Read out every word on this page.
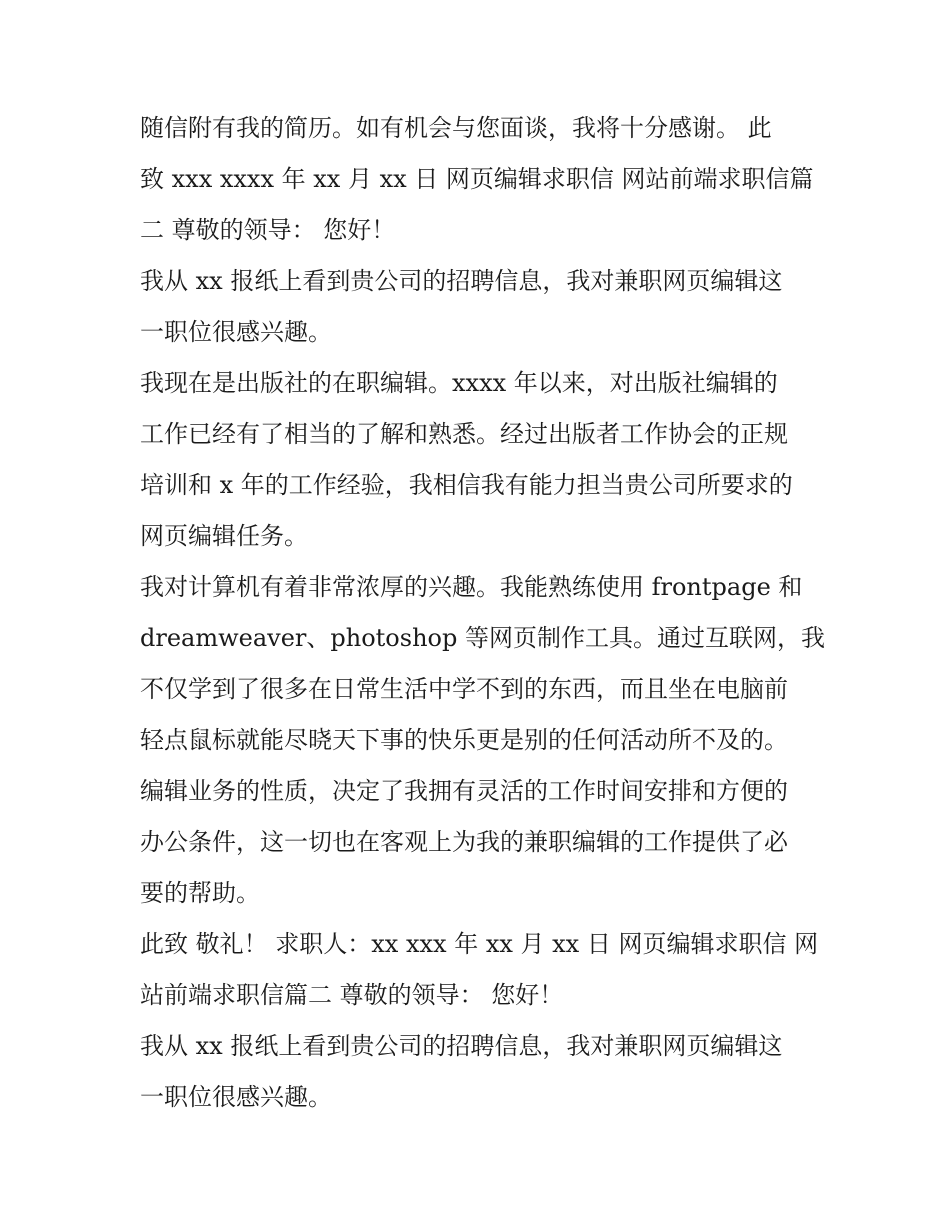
随信附有我的简历。如有机会与您面谈，我将十分感谢。 此
致 xxx xxxx 年 xx 月 xx 日 网页编辑求职信 网站前端求职信篇
二 尊敬的领导： 您好！
我从 xx 报纸上看到贵公司的招聘信息，我对兼职网页编辑这
一职位很感兴趣。
我现在是出版社的在职编辑。xxxx 年以来，对出版社编辑的
工作已经有了相当的了解和熟悉。经过出版者工作协会的正规
培训和 x 年的工作经验，我相信我有能力担当贵公司所要求的
网页编辑任务。
我对计算机有着非常浓厚的兴趣。我能熟练使用 frontpage 和
dreamweaver、photoshop 等网页制作工具。通过互联网，我
不仅学到了很多在日常生活中学不到的东西，而且坐在电脑前
轻点鼠标就能尽晓天下事的快乐更是别的任何活动所不及的。
编辑业务的性质，决定了我拥有灵活的工作时间安排和方便的
办公条件，这一切也在客观上为我的兼职编辑的工作提供了必
要的帮助。
此致 敬礼！ 求职人：xx xxx 年 xx 月 xx 日 网页编辑求职信 网
站前端求职信篇二 尊敬的领导： 您好！
我从 xx 报纸上看到贵公司的招聘信息，我对兼职网页编辑这
一职位很感兴趣。
